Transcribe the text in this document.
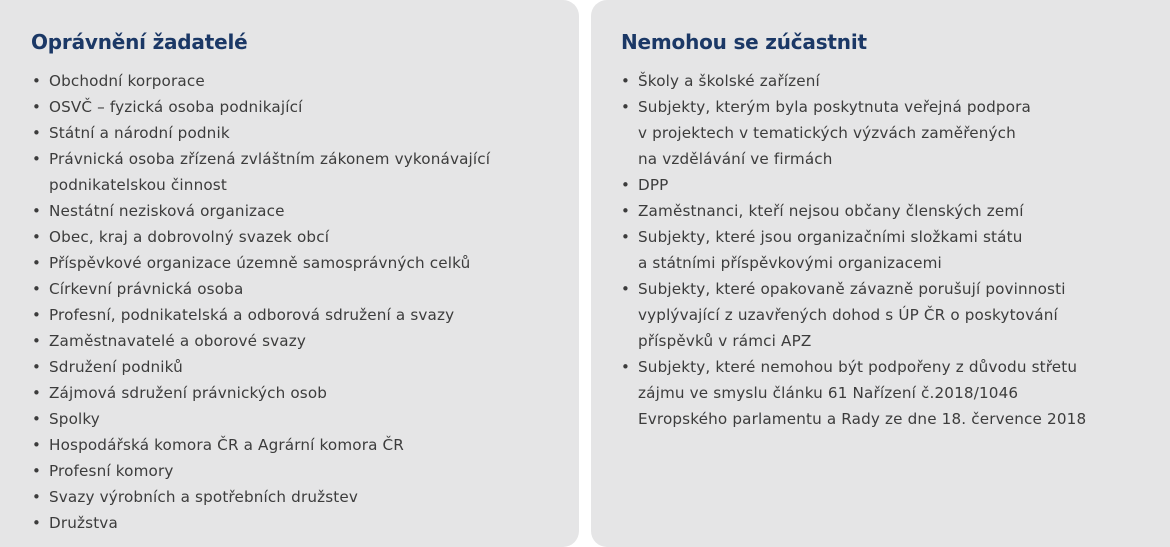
Oprávnění žadatelé
• Obchodní korporace
• OSVČ – fyzická osoba podnikající
• Státní a národní podnik
• Právnická osoba zřízená zvláštním zákonem vykonávající
podnikatelskou činnost
• Nestátní nezisková organizace
• Obec, kraj a dobrovolný svazek obcí
• Příspěvkové organizace územně samosprávných celků
• Církevní právnická osoba
• Profesní, podnikatelská a odborová sdružení a svazy
• Zaměstnavatelé a oborové svazy
• Sdružení podniků
• Zájmová sdružení právnických osob
• Spolky
• Hospodářská komora ČR a Agrární komora ČR
• Profesní komory
• Svazy výrobních a spotřebních družstev
• Družstva
Nemohou se zúčastnit
• Školy a školské zařízení
• Subjekty, kterým byla poskytnuta veřejná podpora
v projektech v tematických výzvách zaměřených
na vzdělávání ve firmách
• DPP
• Zaměstnanci, kteří nejsou občany členských zemí
• Subjekty, které jsou organizačními složkami státu
a státními příspěvkovými organizacemi
• Subjekty, které opakovaně závazně porušují povinnosti
vyplývající z uzavřených dohod s ÚP ČR o poskytování
příspěvků v rámci APZ
• Subjekty, které nemohou být podpořeny z důvodu střetu
zájmu ve smyslu článku 61 Nařízení č.2018/1046
Evropského parlamentu a Rady ze dne 18. července 2018
